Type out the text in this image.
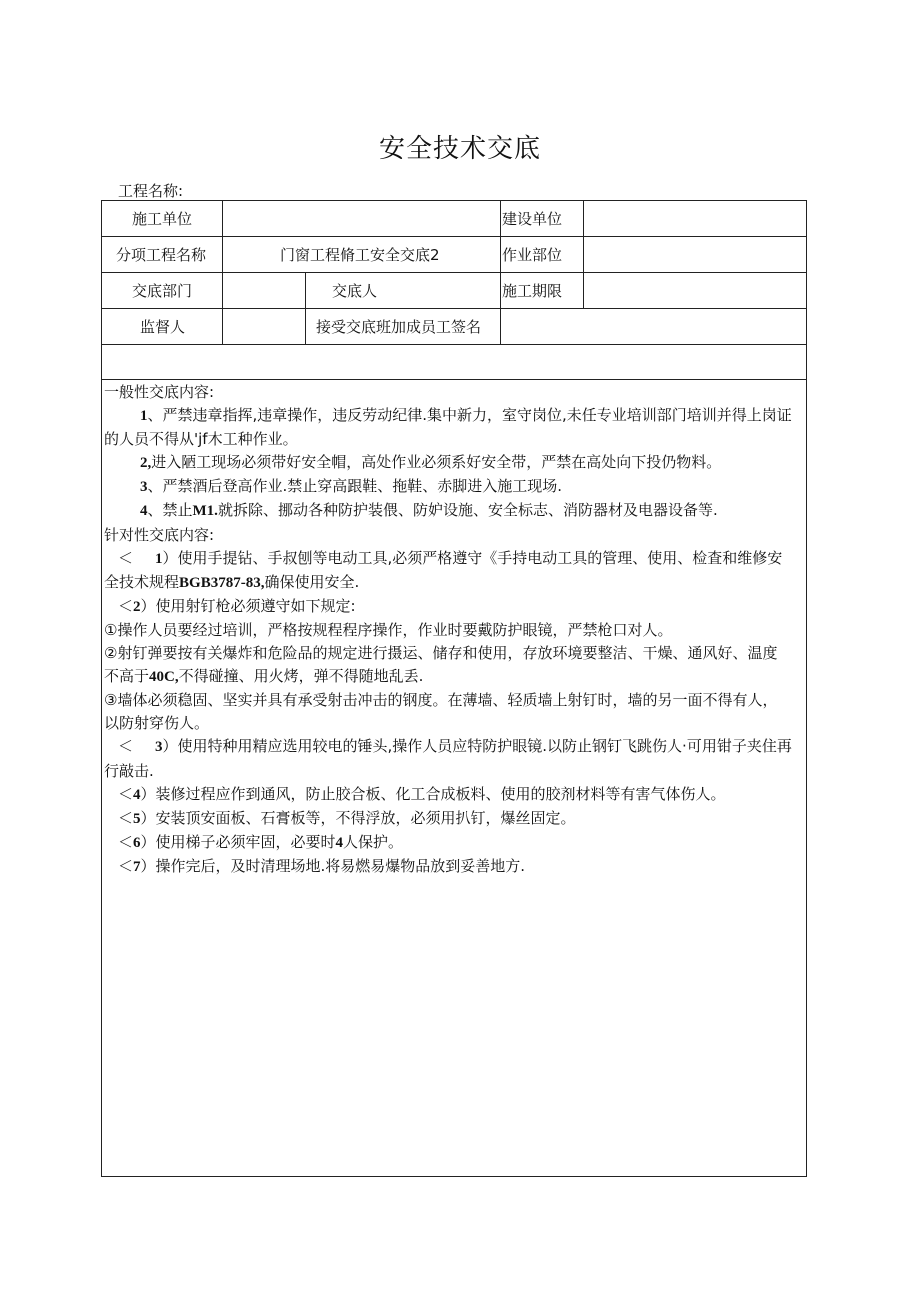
安全技术交底
工程名称:
施工单位	建设单位
分项工程名称	门窗工程脩工安全交底2	作业部位
交底部门	交底人	施工期限
监督人	接受交底班加成员工签名

一般性交底内容:

1、严禁违章指挥,违章操作，违反劳动纪律.集中新力，室守岗位,未任专业培训部门培训并得上岗证

的人员不得从'jf木工种作业。

2,进入陋工现场必须带好安全帽，高处作业必须系好安全带，严禁在高处向下投仍物料。

3、严禁酒后登高作业.禁止穿高跟鞋、拖鞋、赤脚进入施工现场.

4、禁止M1.就拆除、挪动各种防护装偎、防妒设施、安全标志、消防器材及电器设备等.

针对性交底内容:

＜ 1）使用手提钻、手叔刨等电动工具,必须严格遵守《手持电动工具的管理、使用、检査和维修安

全技术规程BGB3787-83,确保使用安全.

＜2）使用射钉枪必须遵守如下规定:

①操作人员要经过培训，严格按规程程序操作，作业时要戴防护眼镜，严禁枪口对人。

②射钉弹要按有关爆炸和危险品的规定进行摄运、储存和使用，存放环境要整洁、干燥、通风好、温度

不高于40C,不得碰撞、用火烤，弹不得随地乱丢.

③墙体必须稳固、坚实并具有承受射击冲击的钢度。在薄墙、轻质墙上射钉时，墙的另一面不得有人，

以防射穿伤人。

＜ 3）使用特种用精应选用较电的锤头,操作人员应特防护眼镜.以防止钢钉飞跳伤人·可用钳子夹住再

行敲击.

＜4）装修过程应作到通风，防止胶合板、化工合成板料、使用的胶剂材料等有害气体伤人。

＜5）安装顶安面板、石膏板等，不得浮放，必须用扒钉，爆丝固定。

＜6）使用梯子必须牢固，必要时4人保护。

＜7）操作完后，及时清理场地.将易燃易爆物品放到妥善地方.
